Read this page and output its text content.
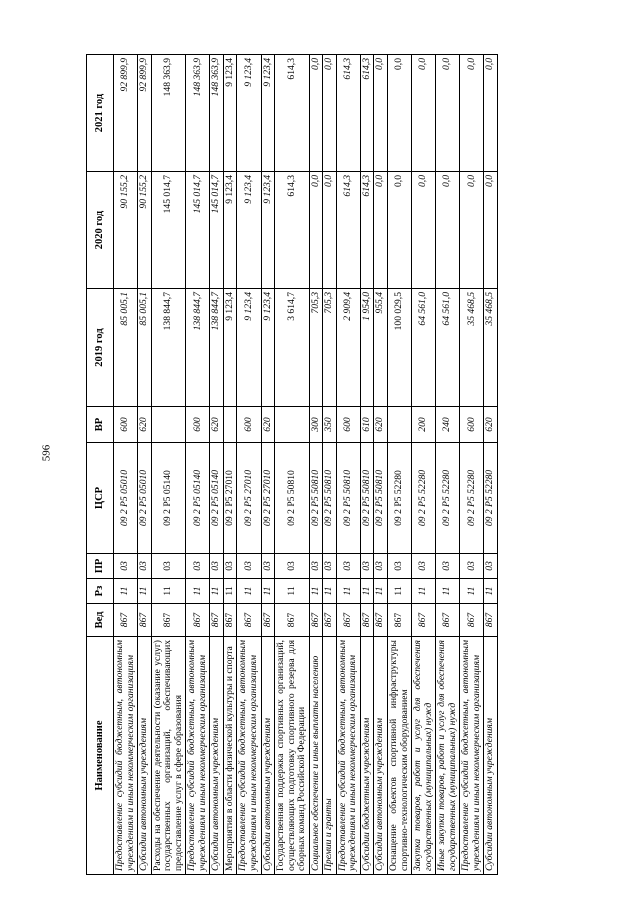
596
Наименование	Вед	Рз	ПР	ЦСР	ВР	2019 год	2020 год	2021 год
Предоставление субсидий бюджетным, автономным учреждениям и иным некоммерческим организациям	867	11	03	09 2 P5 05010	600	85 005,1	90 155,2	92 899,9
Субсидии автономным учреждениям	867	11	03	09 2 P5 05010	620	85 005,1	90 155,2	92 899,9
Расходы на обеспечение деятельности (оказание услуг) государственных организаций, обеспечивающих предоставление услуг в сфере образования	867	11	03	09 2 P5 05140		138 844,7	145 014,7	148 363,9
Предоставление субсидий бюджетным, автономным учреждениям и иным некоммерческим организациям	867	11	03	09 2 P5 05140	600	138 844,7	145 014,7	148 363,9
Субсидии автономным учреждениям	867	11	03	09 2 P5 05140	620	138 844,7	145 014,7	148 363,9
Мероприятия в области физической культуры и спорта	867	11	03	09 2 P5 27010		9 123,4	9 123,4	9 123,4
Предоставление субсидий бюджетным, автономным учреждениям и иным некоммерческим организациям	867	11	03	09 2 P5 27010	600	9 123,4	9 123,4	9 123,4
Субсидии автономным учреждениям	867	11	03	09 2 P5 27010	620	9 123,4	9 123,4	9 123,4
Государственная поддержка спортивных организаций, осуществляющих подготовку спортивного резерва для сборных команд Российской Федерации	867	11	03	09 2 P5 50810		3 614,7	614,3	614,3
Социальное обеспечение и иные выплаты населению	867	11	03	09 2 P5 50810	300	705,3	0,0	0,0
Премии и гранты	867	11	03	09 2 P5 50810	350	705,3	0,0	0,0
Предоставление субсидий бюджетным, автономным учреждениям и иным некоммерческим организациям	867	11	03	09 2 P5 50810	600	2 909,4	614,3	614,3
Субсидии бюджетным учреждениям	867	11	03	09 2 P5 50810	610	1 954,0	614,3	614,3
Субсидии автономным учреждениям	867	11	03	09 2 P5 50810	620	955,4	0,0	0,0
Оснащение объектов спортивной инфраструктуры спортивно-технологическим оборудованием	867	11	03	09 2 P5 52280		100 029,5	0,0	0,0
Закупка товаров, работ и услуг для обеспечения государственных (муниципальных) нужд	867	11	03	09 2 P5 52280	200	64 561,0	0,0	0,0
Иные закупки товаров, работ и услуг для обеспечения государственных (муниципальных) нужд	867	11	03	09 2 P5 52280	240	64 561,0	0,0	0,0
Предоставление субсидий бюджетным, автономным учреждениям и иным некоммерческим организациям	867	11	03	09 2 P5 52280	600	35 468,5	0,0	0,0
Субсидии автономным учреждениям	867	11	03	09 2 P5 52280	620	35 468,5	0,0	0,0
